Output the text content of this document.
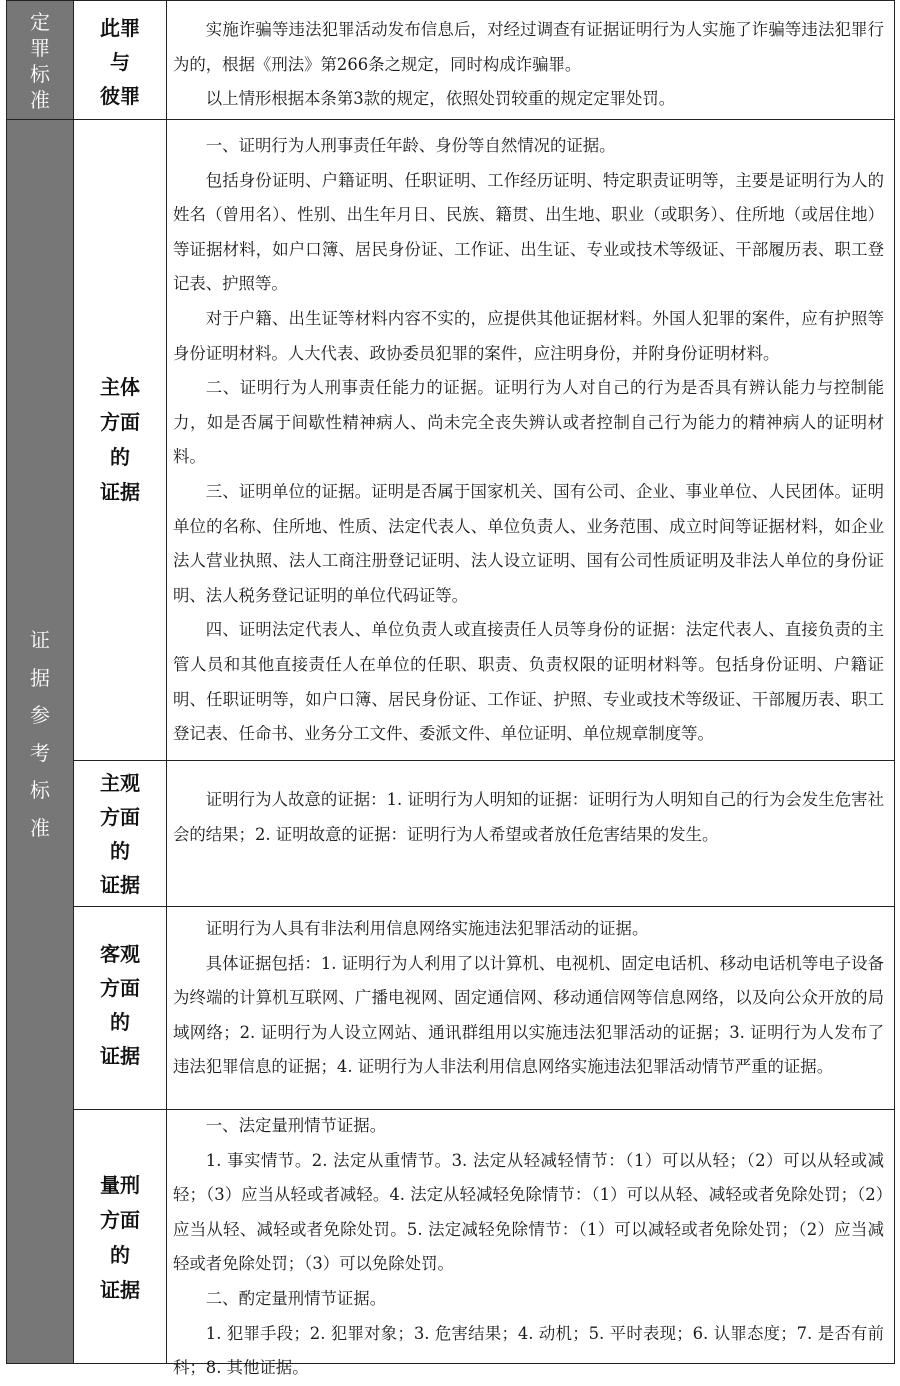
定
罪
标
准
证
据
参
考
标
准
此罪
与
彼罪

实施诈骗等违法犯罪活动发布信息后，对经过调查有证据证明行为人实施了诈骗等违法犯罪行为的，根据《刑法》第266条之规定，同时构成诈骗罪。

以上情形根据本条第3款的规定，依照处罚较重的规定定罪处罚。

主体
方面
的
证据

一、证明行为人刑事责任年龄、身份等自然情况的证据。

包括身份证明、户籍证明、任职证明、工作经历证明、特定职责证明等，主要是证明行为人的姓名（曾用名）、性别、出生年月日、民族、籍贯、出生地、职业（或职务）、住所地（或居住地）等证据材料，如户口簿、居民身份证、工作证、出生证、专业或技术等级证、干部履历表、职工登记表、护照等。

对于户籍、出生证等材料内容不实的，应提供其他证据材料。外国人犯罪的案件，应有护照等身份证明材料。人大代表、政协委员犯罪的案件，应注明身份，并附身份证明材料。

二、证明行为人刑事责任能力的证据。证明行为人对自己的行为是否具有辨认能力与控制能力，如是否属于间歇性精神病人、尚未完全丧失辨认或者控制自己行为能力的精神病人的证明材料。

三、证明单位的证据。证明是否属于国家机关、国有公司、企业、事业单位、人民团体。证明单位的名称、住所地、性质、法定代表人、单位负责人、业务范围、成立时间等证据材料，如企业法人营业执照、法人工商注册登记证明、法人设立证明、国有公司性质证明及非法人单位的身份证明、法人税务登记证明的单位代码证等。

四、证明法定代表人、单位负责人或直接责任人员等身份的证据：法定代表人、直接负责的主管人员和其他直接责任人在单位的任职、职责、负责权限的证明材料等。包括身份证明、户籍证明、任职证明等，如户口簿、居民身份证、工作证、护照、专业或技术等级证、干部履历表、职工登记表、任命书、业务分工文件、委派文件、单位证明、单位规章制度等。

主观
方面
的
证据

证明行为人故意的证据：1. 证明行为人明知的证据：证明行为人明知自己的行为会发生危害社会的结果；2. 证明故意的证据：证明行为人希望或者放任危害结果的发生。

客观
方面
的
证据

证明行为人具有非法利用信息网络实施违法犯罪活动的证据。

具体证据包括：1. 证明行为人利用了以计算机、电视机、固定电话机、移动电话机等电子设备为终端的计算机互联网、广播电视网、固定通信网、移动通信网等信息网络，以及向公众开放的局域网络；2. 证明行为人设立网站、通讯群组用以实施违法犯罪活动的证据；3. 证明行为人发布了违法犯罪信息的证据；4. 证明行为人非法利用信息网络实施违法犯罪活动情节严重的证据。

量刑
方面
的
证据

一、法定量刑情节证据。

1. 事实情节。2. 法定从重情节。3. 法定从轻减轻情节：（1）可以从轻；（2）可以从轻或减轻；（3）应当从轻或者减轻。4. 法定从轻减轻免除情节：（1）可以从轻、减轻或者免除处罚；（2）应当从轻、减轻或者免除处罚。5. 法定减轻免除情节：（1）可以减轻或者免除处罚；（2）应当减轻或者免除处罚；（3）可以免除处罚。

二、酌定量刑情节证据。

1. 犯罪手段；2. 犯罪对象；3. 危害结果；4. 动机；5. 平时表现；6. 认罪态度；7. 是否有前科；8. 其他证据。
